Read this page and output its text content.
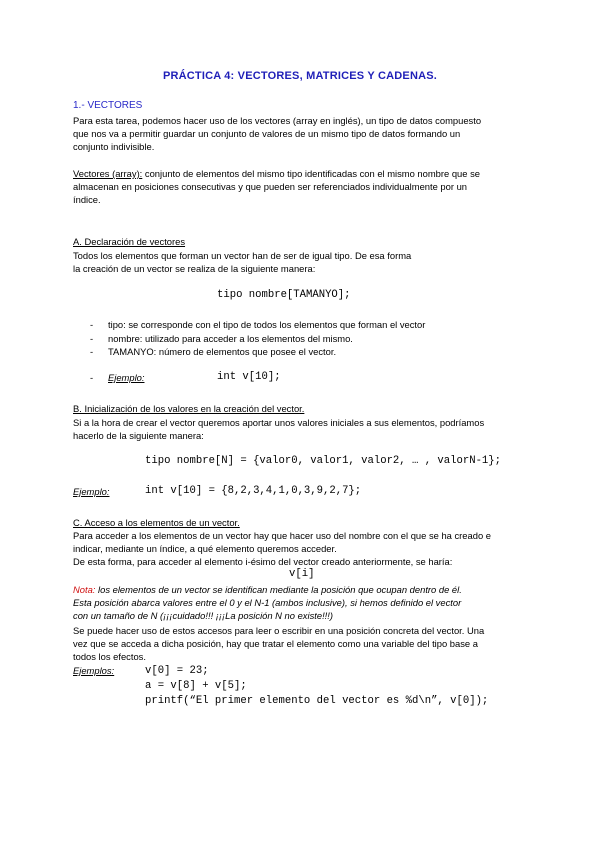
PRÁCTICA 4: VECTORES, MATRICES Y CADENAS.
1.- VECTORES
Para esta tarea, podemos hacer uso de los vectores (array en inglés), un tipo de datos compuesto
que nos va a permitir guardar un conjunto de valores de un mismo tipo de datos formando un
conjunto indivisible.
Vectores (array): conjunto de elementos del mismo tipo identificadas con el mismo nombre que se
almacenan en posiciones consecutivas y que pueden ser referenciados individualmente por un
índice.
A. Declaración de vectores
Todos los elementos que forman un vector han de ser de igual tipo. De esa forma
la creación de un vector se realiza de la siguiente manera:
tipo nombre[TAMANYO];
- tipo: se corresponde con el tipo de todos los elementos que forman el vector
- nombre: utilizado para acceder a los elementos del mismo.
- TAMANYO: número de elementos que posee el vector.
- Ejemplo:	int v[10];
B. Inicialización de los valores en la creación del vector.
Si a la hora de crear el vector queremos aportar unos valores iniciales a sus elementos, podríamos
hacerlo de la siguiente manera:
tipo nombre[N] = {valor0, valor1, valor2, … , valorN-1};
Ejemplo:	int v[10] = {8,2,3,4,1,0,3,9,2,7};
C. Acceso a los elementos de un vector.
Para acceder a los elementos de un vector hay que hacer uso del nombre con el que se ha creado e
indicar, mediante un índice, a qué elemento queremos acceder.
De esta forma, para acceder al elemento i-ésimo del vector creado anteriormente, se haría:
v[i]
Nota: los elementos de un vector se identifican mediante la posición que ocupan dentro de él.
Esta posición abarca valores entre el 0 y el N-1 (ambos inclusive), si hemos definido el vector
con un tamaño de N (¡¡¡cuidado!!! ¡¡¡La posición N no existe!!!)
Se puede hacer uso de estos accesos para leer o escribir en una posición concreta del vector. Una
vez que se acceda a dicha posición, hay que tratar el elemento como una variable del tipo base a
todos los efectos.
Ejemplos:	v[0] = 23;
a = v[8] + v[5];
printf(“El primer elemento del vector es %d\n”, v[0]);
